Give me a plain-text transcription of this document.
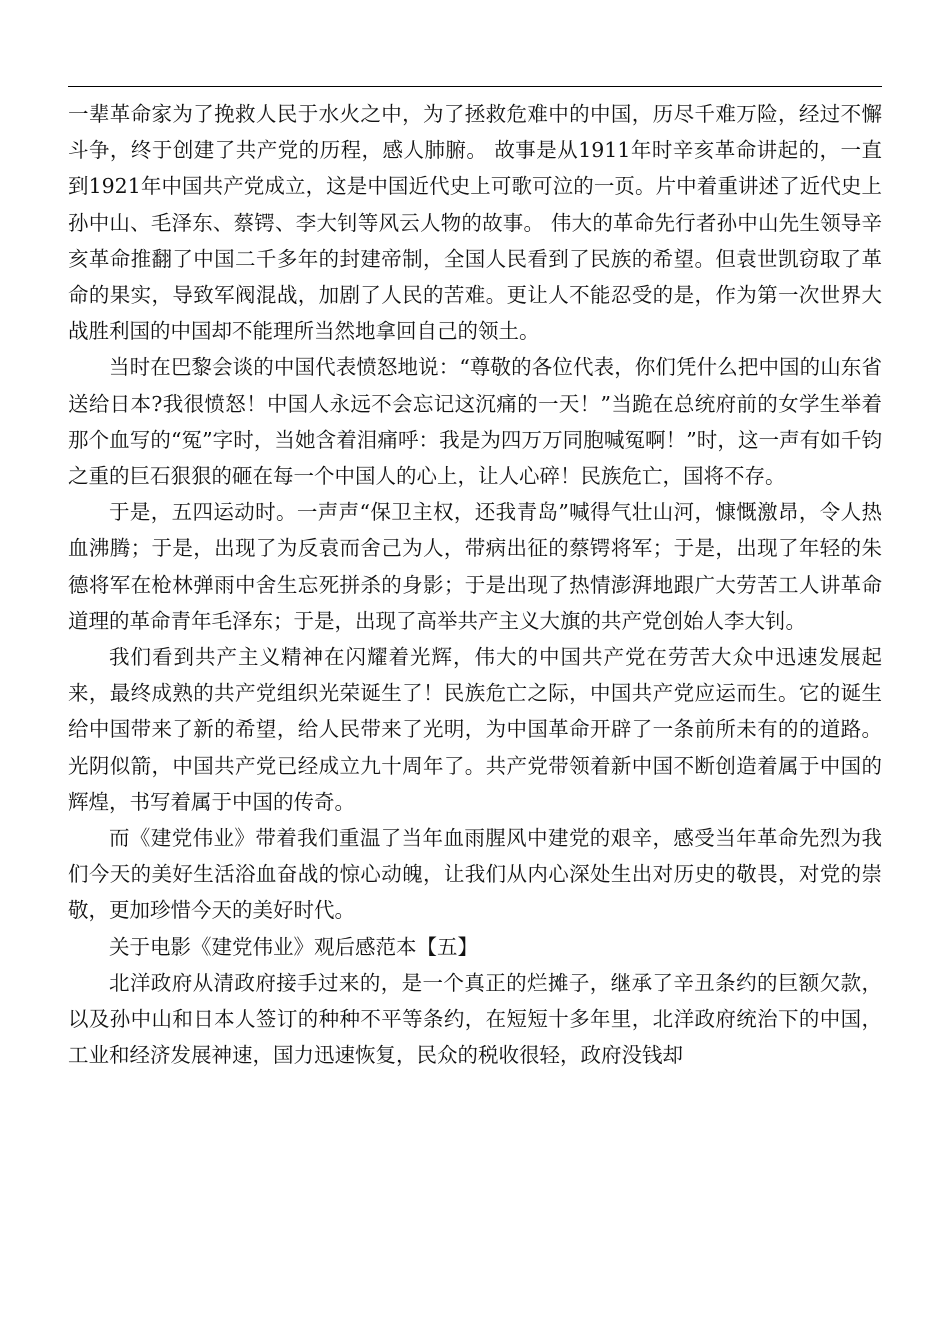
一辈革命家为了挽救人民于水火之中，为了拯救危难中的中国，历尽千难万险，经过不懈斗争，终于创建了共产党的历程，感人肺腑。 故事是从1911年时辛亥革命讲起的，一直到1921年中国共产党成立，这是中国近代史上可歌可泣的一页。片中着重讲述了近代史上孙中山、毛泽东、蔡锷、李大钊等风云人物的故事。 伟大的革命先行者孙中山先生领导辛亥革命推翻了中国二千多年的封建帝制，全国人民看到了民族的希望。但袁世凯窃取了革命的果实，导致军阀混战，加剧了人民的苦难。更让人不能忍受的是，作为第一次世界大战胜利国的中国却不能理所当然地拿回自己的领土。

当时在巴黎会谈的中国代表愤怒地说：“尊敬的各位代表，你们凭什么把中国的山东省送给日本?我很愤怒！中国人永远不会忘记这沉痛的一天！”当跪在总统府前的女学生举着那个血写的“冤”字时，当她含着泪痛呼：我是为四万万同胞喊冤啊！”时，这一声有如千钧之重的巨石狠狠的砸在每一个中国人的心上，让人心碎！民族危亡，国将不存。

于是，五四运动时。一声声“保卫主权，还我青岛”喊得气壮山河，慷慨激昂，令人热血沸腾；于是，出现了为反袁而舍己为人，带病出征的蔡锷将军；于是，出现了年轻的朱德将军在枪林弹雨中舍生忘死拼杀的身影；于是出现了热情澎湃地跟广大劳苦工人讲革命道理的革命青年毛泽东；于是，出现了高举共产主义大旗的共产党创始人李大钊。

我们看到共产主义精神在闪耀着光辉，伟大的中国共产党在劳苦大众中迅速发展起来，最终成熟的共产党组织光荣诞生了！民族危亡之际，中国共产党应运而生。它的诞生给中国带来了新的希望，给人民带来了光明，为中国革命开辟了一条前所未有的的道路。 光阴似箭，中国共产党已经成立九十周年了。共产党带领着新中国不断创造着属于中国的辉煌，书写着属于中国的传奇。

而《建党伟业》带着我们重温了当年血雨腥风中建党的艰辛，感受当年革命先烈为我们今天的美好生活浴血奋战的惊心动魄，让我们从内心深处生出对历史的敬畏，对党的崇敬，更加珍惜今天的美好时代。

关于电影《建党伟业》观后感范本【五】

北洋政府从清政府接手过来的，是一个真正的烂摊子，继承了辛丑条约的巨额欠款，以及孙中山和日本人签订的种种不平等条约，在短短十多年里，北洋政府统治下的中国，工业和经济发展神速，国力迅速恢复，民众的税收很轻，政府没钱却
